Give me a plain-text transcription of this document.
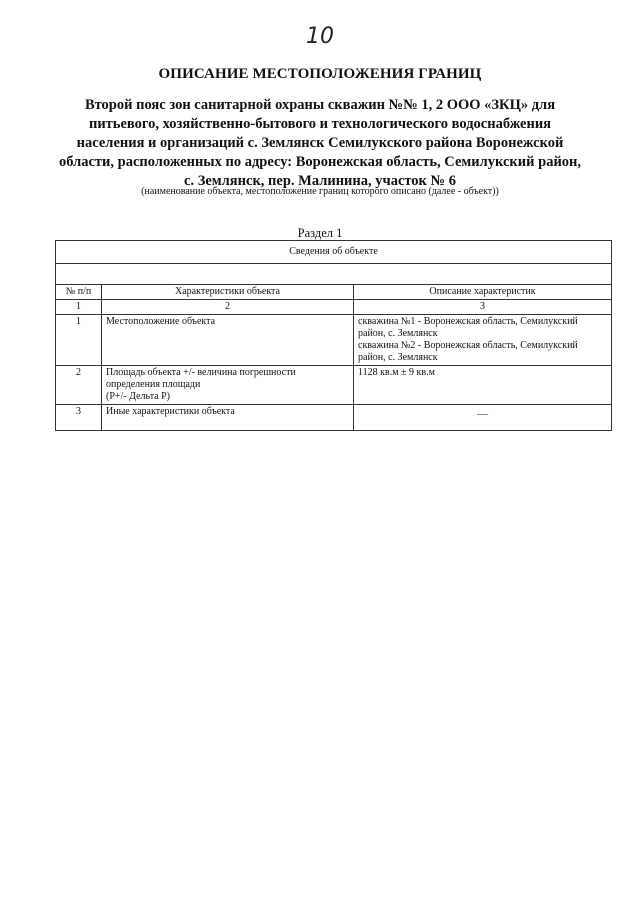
10
ОПИСАНИЕ МЕСТОПОЛОЖЕНИЯ ГРАНИЦ
Второй пояс зон санитарной охраны скважин №№ 1, 2 ООО «ЗКЦ» для
питьевого, хозяйственно-бытового и технологического водоснабжения
населения и организаций с. Землянск Семилукского района Воронежской
области, расположенных по адресу: Воронежская область, Семилукский район,
с. Землянск, пер. Малинина, участок № 6
(наименование объекта, местоположение границ которого описано (далее - объект))
Раздел 1
Сведения об объекте		

№ п/п	Характеристики объекта	Описание характеристик
1	2	3
1	Местоположение объекта	скважина №1 - Воронежская область, Семилукский
район, с. Землянск
скважина №2 - Воронежская область, Семилукский
район, с. Землянск

2	Площадь объекта +/- величина погрешности
определения площади
(Р+/- Дельта Р)	1128 кв.м ± 9 кв.м
3	Иные характеристики объекта	—
